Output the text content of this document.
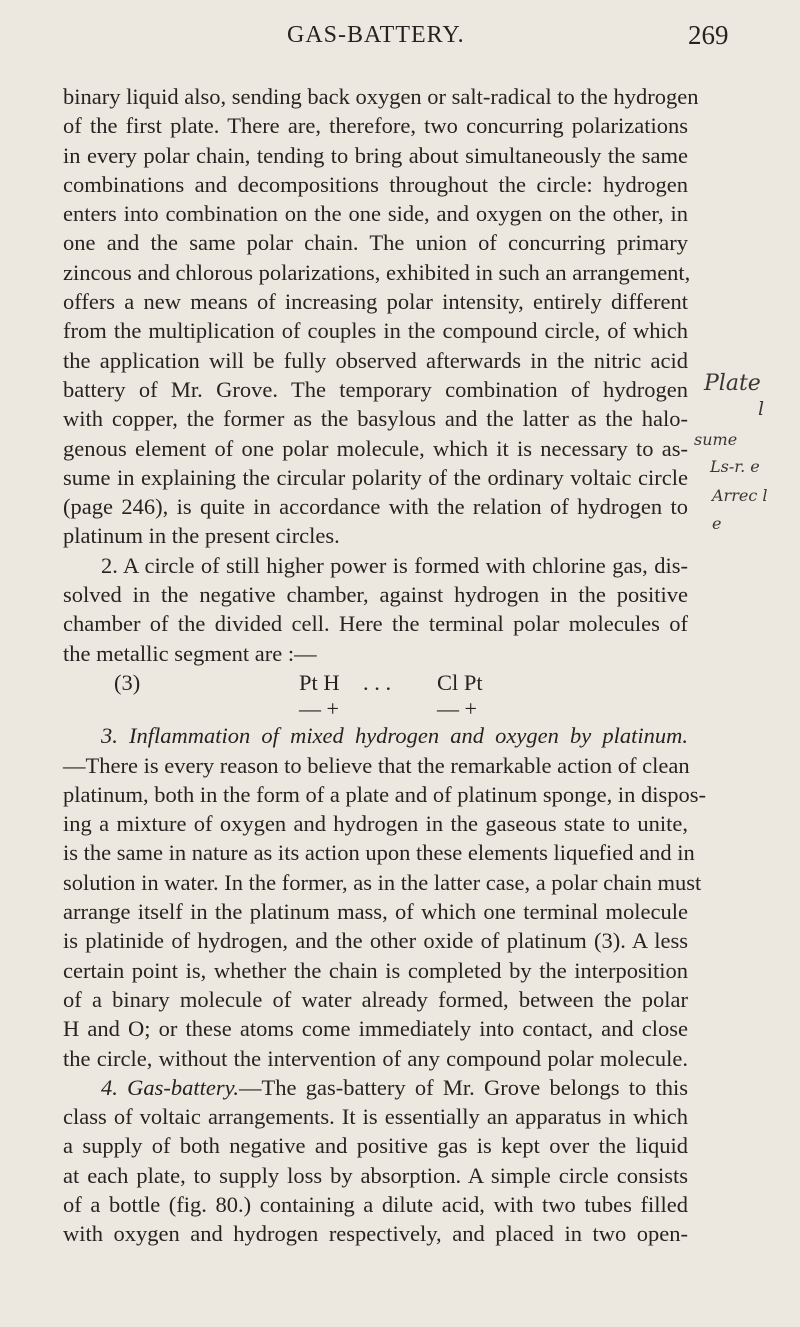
GAS-BATTERY.	269
binary liquid also, sending back oxygen or salt-radical to the hydrogen
of the first plate. There are, therefore, two concurring polarizations
in every polar chain, tending to bring about simultaneously the same
combinations and decompositions throughout the circle: hydrogen
enters into combination on the one side, and oxygen on the other, in
one and the same polar chain. The union of concurring primary
zincous and chlorous polarizations, exhibited in such an arrangement,
offers a new means of increasing polar intensity, entirely different
from the multiplication of couples in the compound circle, of which
the application will be fully observed afterwards in the nitric acid
battery of Mr. Grove. The temporary combination of hydrogen
with copper, the former as the basylous and the latter as the halo-
genous element of one polar molecule, which it is necessary to as-
sume in explaining the circular polarity of the ordinary voltaic circle
(page 246), is quite in accordance with the relation of hydrogen to
platinum in the present circles.
2. A circle of still higher power is formed with chlorine gas, dis-
solved in the negative chamber, against hydrogen in the positive
chamber of the divided cell. Here the terminal polar molecules of
the metallic segment are :—
(3)	Pt H . . . Cl Pt
— +	— +
3. Inflammation of mixed hydrogen and oxygen by platinum.
—There is every reason to believe that the remarkable action of clean
platinum, both in the form of a plate and of platinum sponge, in dispos-
ing a mixture of oxygen and hydrogen in the gaseous state to unite,
is the same in nature as its action upon these elements liquefied and in
solution in water. In the former, as in the latter case, a polar chain must
arrange itself in the platinum mass, of which one terminal molecule
is platinide of hydrogen, and the other oxide of platinum (3). A less
certain point is, whether the chain is completed by the interposition
of a binary molecule of water already formed, between the polar
H and O; or these atoms come immediately into contact, and close
the circle, without the intervention of any compound polar molecule.
4. Gas-battery.—The gas-battery of Mr. Grove belongs to this
class of voltaic arrangements. It is essentially an apparatus in which
a supply of both negative and positive gas is kept over the liquid
at each plate, to supply loss by absorption. A simple circle consists
of a bottle (fig. 80.) containing a dilute acid, with two tubes filled
with oxygen and hydrogen respectively, and placed in two open-
Plate
l
sume
Ls-r. e
Arrec l
e
